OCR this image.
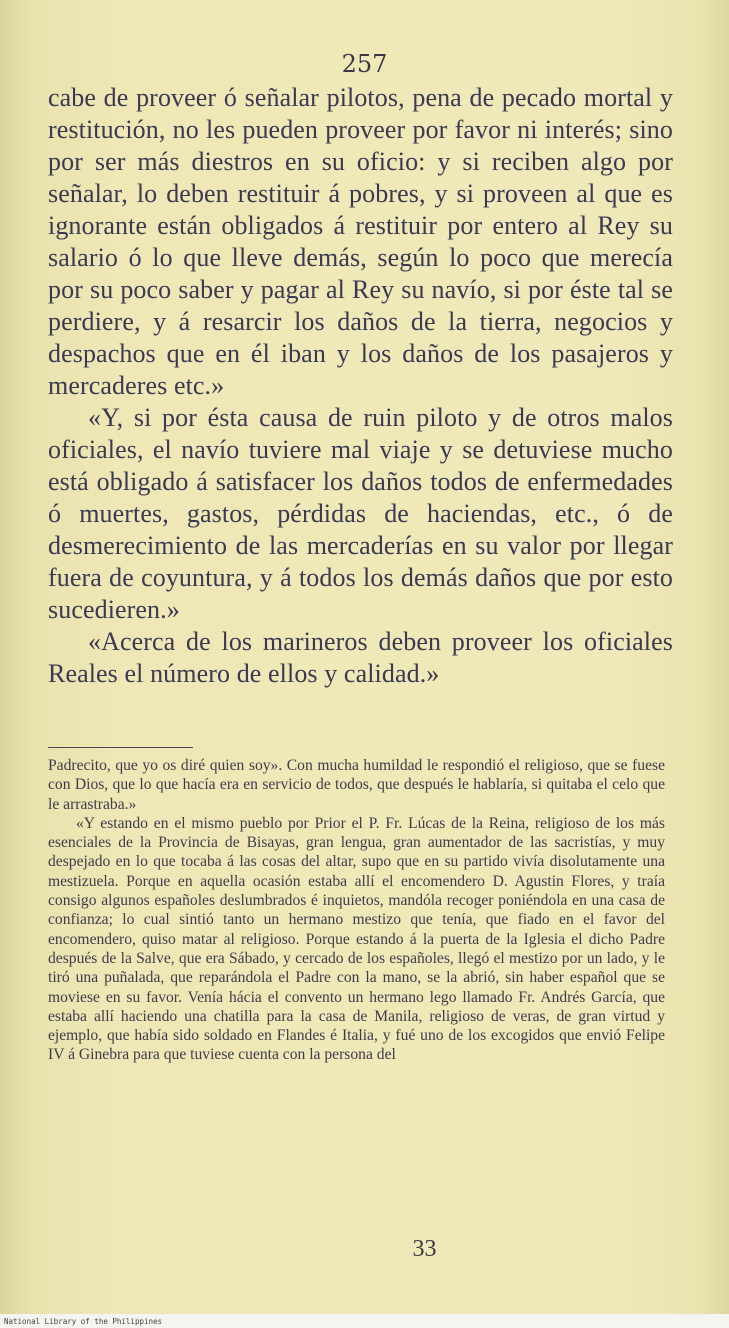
257

cabe de proveer ó señalar pilotos, pena de pecado mortal y restitución, no les pueden proveer por favor ni interés; sino por ser más diestros en su oficio: y si reciben algo por señalar, lo deben restituir á pobres, y si proveen al que es ignorante están obligados á restituir por entero al Rey su salario ó lo que lleve demás, según lo poco que merecía por su poco saber y pagar al Rey su navío, si por éste tal se perdiere, y á resarcir los daños de la tierra, negocios y despachos que en él iban y los daños de los pasajeros y mercaderes etc.»

«Y, si por ésta causa de ruin piloto y de otros malos oficiales, el navío tuviere mal viaje y se detuviese mucho está obligado á satisfacer los daños todos de enfermedades ó muertes, gastos, pérdidas de haciendas, etc., ó de desmerecimiento de las mercaderías en su valor por llegar fuera de coyuntura, y á todos los demás daños que por esto sucedieren.»

«Acerca de los marineros deben proveer los oficiales Reales el número de ellos y calidad.»

Padrecito, que yo os diré quien soy». Con mucha humildad le respondió el religioso, que se fuese con Dios, que lo que hacía era en servicio de todos, que después le hablaría, si quitaba el celo que le arrastraba.»

«Y estando en el mismo pueblo por Prior el P. Fr. Lúcas de la Reina, religioso de los más esenciales de la Provincia de Bisayas, gran lengua, gran aumentador de las sacristías, y muy despejado en lo que tocaba á las cosas del altar, supo que en su partido vivía disolutamente una mestizuela. Porque en aquella ocasión estaba allí el encomendero D. Agustin Flores, y traía consigo algunos españoles deslumbrados é inquietos, mandóla recoger poniéndola en una casa de confianza; lo cual sintió tanto un hermano mestizo que tenía, que fiado en el favor del encomendero, quiso matar al religioso. Porque estando á la puerta de la Iglesia el dicho Padre después de la Salve, que era Sábado, y cercado de los españoles, llegó el mestizo por un lado, y le tiró una puñalada, que reparándola el Padre con la mano, se la abrió, sin haber español que se moviese en su favor. Venía hácia el convento un hermano lego llamado Fr. Andrés García, que estaba allí haciendo una chatilla para la casa de Manila, religioso de veras, de gran virtud y ejemplo, que había sido soldado en Flandes é Italia, y fué uno de los excogidos que envió Felipe IV á Ginebra para que tuviese cuenta con la persona del

33
National Library of the Philippines
